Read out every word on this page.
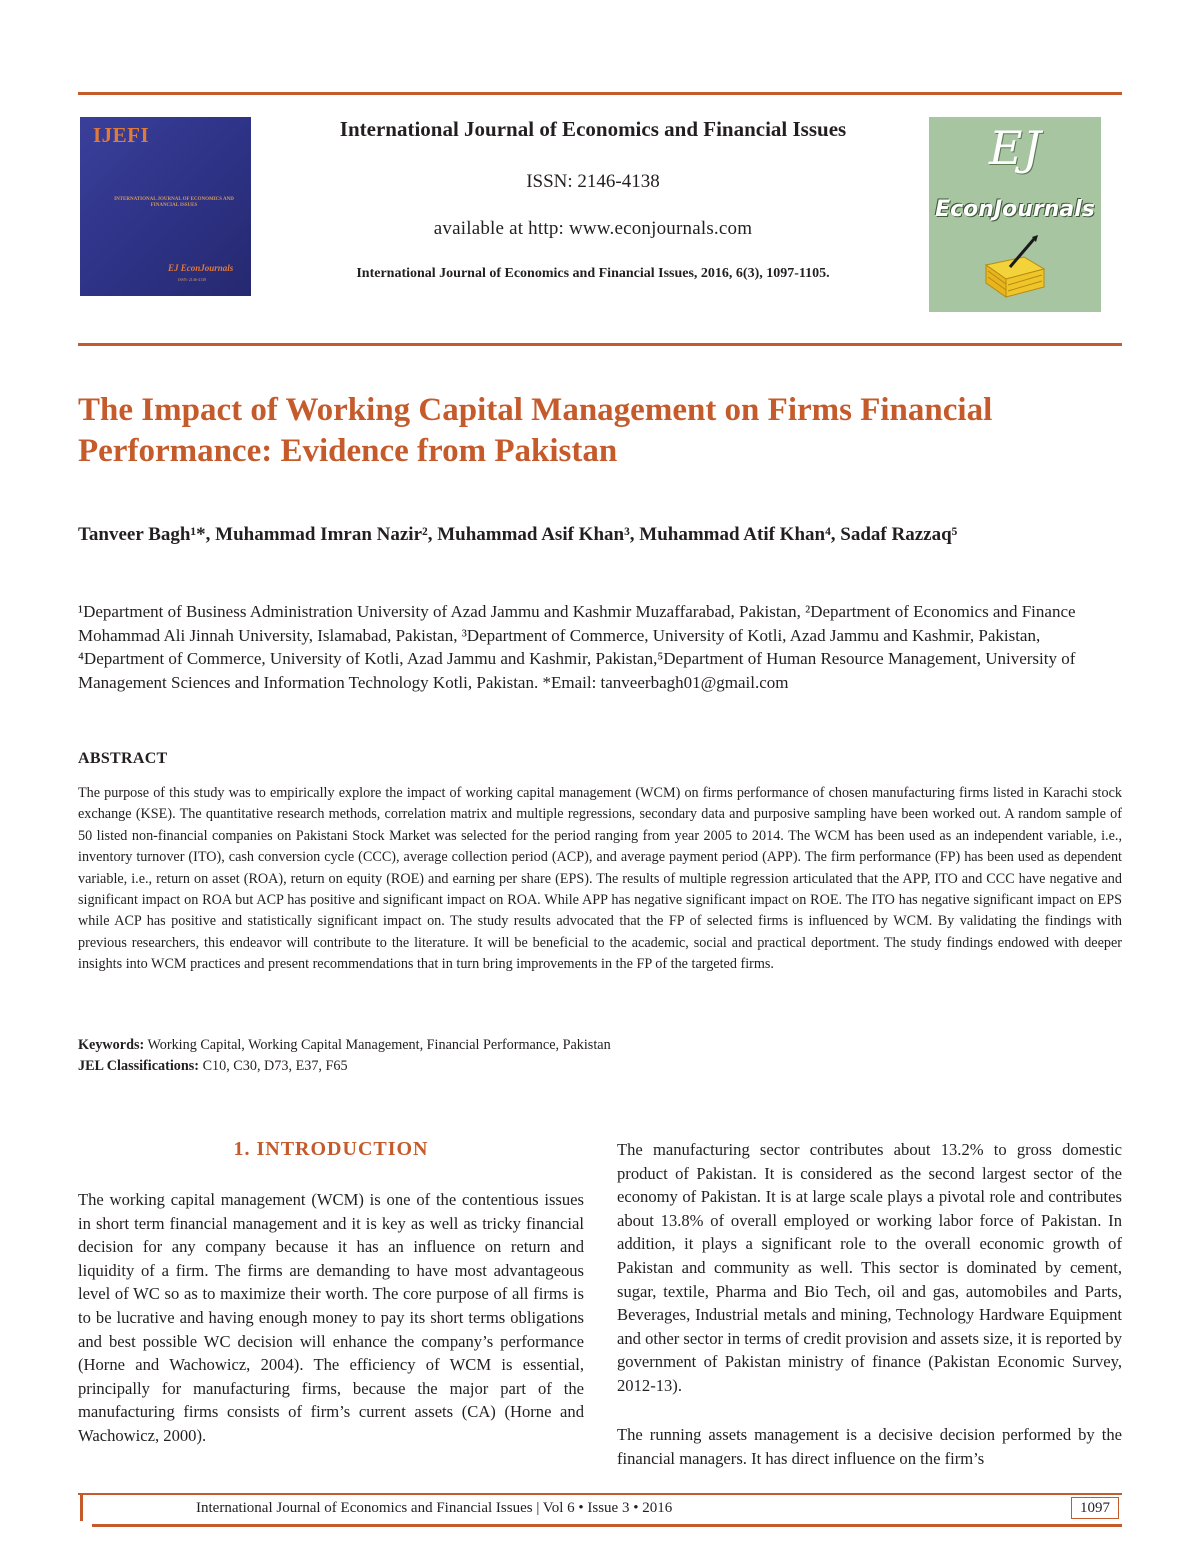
IJEFI
INTERNATIONAL JOURNAL OF ECONOMICS AND FINANCIAL ISSUES
EJ EconJournals
ISSN: 2146-4138

International Journal of Economics and Financial Issues

ISSN: 2146-4138
available at http: www.econjournals.com
International Journal of Economics and Financial Issues, 2016, 6(3), 1097-1105.
EJ
EconJournals
The Impact of Working Capital Management on Firms Financial Performance: Evidence from Pakistan

Tanveer Bagh¹*, Muhammad Imran Nazir², Muhammad Asif Khan³, Muhammad Atif Khan⁴, Sadaf Razzaq⁵

¹Department of Business Administration University of Azad Jammu and Kashmir Muzaffarabad, Pakistan, ²Department of Economics and Finance Mohammad Ali Jinnah University, Islamabad, Pakistan, ³Department of Commerce, University of Kotli, Azad Jammu and Kashmir, Pakistan, ⁴Department of Commerce, University of Kotli, Azad Jammu and Kashmir, Pakistan,⁵Department of Human Resource Management, University of Management Sciences and Information Technology Kotli, Pakistan. *Email: tanveerbagh01@gmail.com

ABSTRACT

The purpose of this study was to empirically explore the impact of working capital management (WCM) on firms performance of chosen manufacturing firms listed in Karachi stock exchange (KSE). The quantitative research methods, correlation matrix and multiple regressions, secondary data and purposive sampling have been worked out. A random sample of 50 listed non-financial companies on Pakistani Stock Market was selected for the period ranging from year 2005 to 2014. The WCM has been used as an independent variable, i.e., inventory turnover (ITO), cash conversion cycle (CCC), average collection period (ACP), and average payment period (APP). The firm performance (FP) has been used as dependent variable, i.e., return on asset (ROA), return on equity (ROE) and earning per share (EPS). The results of multiple regression articulated that the APP, ITO and CCC have negative and significant impact on ROA but ACP has positive and significant impact on ROA. While APP has negative significant impact on ROE. The ITO has negative significant impact on EPS while ACP has positive and statistically significant impact on. The study results advocated that the FP of selected firms is influenced by WCM. By validating the findings with previous researchers, this endeavor will contribute to the literature. It will be beneficial to the academic, social and practical deportment. The study findings endowed with deeper insights into WCM practices and present recommendations that in turn bring improvements in the FP of the targeted firms.

Keywords: Working Capital, Working Capital Management, Financial Performance, Pakistan
JEL Classifications: C10, C30, D73, E37, F65
1. INTRODUCTION

The working capital management (WCM) is one of the contentious issues in short term financial management and it is key as well as tricky financial decision for any company because it has an influence on return and liquidity of a firm. The firms are demanding to have most advantageous level of WC so as to maximize their worth. The core purpose of all firms is to be lucrative and having enough money to pay its short terms obligations and best possible WC decision will enhance the company’s performance (Horne and Wachowicz, 2004). The efficiency of WCM is essential, principally for manufacturing firms, because the major part of the manufacturing firms consists of firm’s current assets (CA) (Horne and Wachowicz, 2000).

The manufacturing sector contributes about 13.2% to gross domestic product of Pakistan. It is considered as the second largest sector of the economy of Pakistan. It is at large scale plays a pivotal role and contributes about 13.8% of overall employed or working labor force of Pakistan. In addition, it plays a significant role to the overall economic growth of Pakistan and community as well. This sector is dominated by cement, sugar, textile, Pharma and Bio Tech, oil and gas, automobiles and Parts, Beverages, Industrial metals and mining, Technology Hardware Equipment and other sector in terms of credit provision and assets size, it is reported by government of Pakistan ministry of finance (Pakistan Economic Survey, 2012-13).

The running assets management is a decisive decision performed by the financial managers. It has direct influence on the firm’s

International Journal of Economics and Financial Issues | Vol 6 • Issue 3 • 2016	1097
